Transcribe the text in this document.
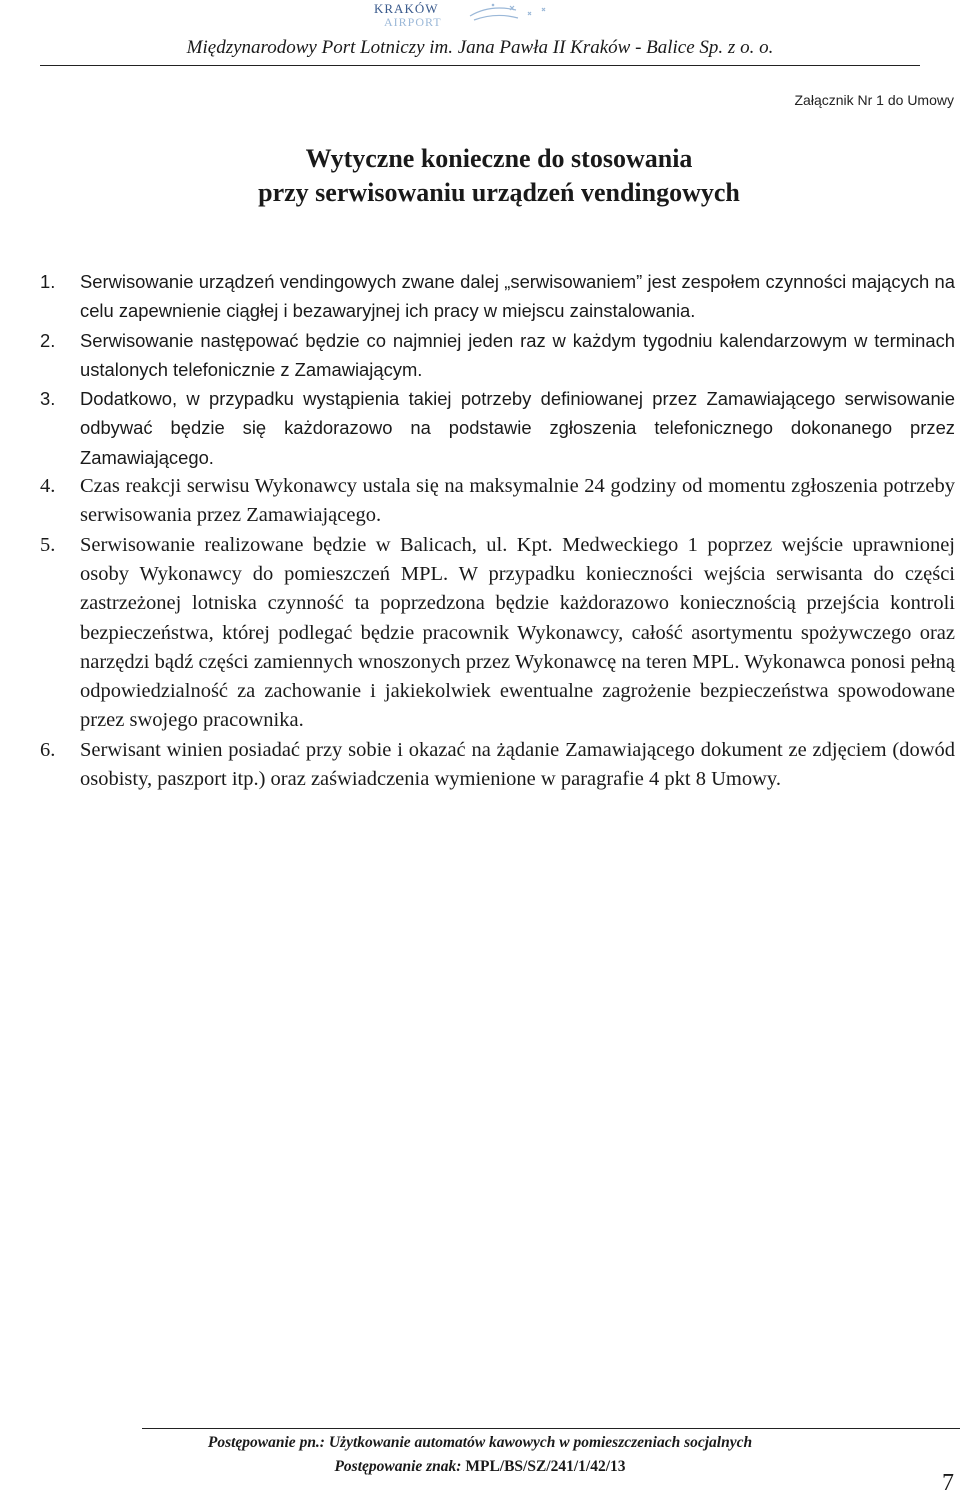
KRAKÓW
AIRPORT
Międzynarodowy Port Lotniczy im. Jana Pawła II Kraków - Balice Sp. z o. o.
Załącznik Nr 1 do Umowy
Wytyczne konieczne do stosowania
przy serwisowaniu urządzeń vendingowych
1. Serwisowanie urządzeń vendingowych zwane dalej „serwisowaniem” jest zespołem czynności mających na celu zapewnienie ciągłej i bezawaryjnej ich pracy w miejscu zainstalowania.
2. Serwisowanie następować będzie co najmniej jeden raz w każdym tygodniu kalendarzowym w terminach ustalonych telefonicznie z Zamawiającym.
3. Dodatkowo, w przypadku wystąpienia takiej potrzeby definiowanej przez Zamawiającego serwisowanie odbywać będzie się każdorazowo na podstawie zgłoszenia telefonicznego dokonanego przez Zamawiającego.
4. Czas reakcji serwisu Wykonawcy ustala się na maksymalnie 24 godziny od momentu zgłoszenia potrzeby serwisowania przez Zamawiającego.
5. Serwisowanie realizowane będzie w Balicach, ul. Kpt. Medweckiego 1 poprzez wejście uprawnionej osoby Wykonawcy do pomieszczeń MPL. W przypadku konieczności wejścia serwisanta do części zastrzeżonej lotniska czynność ta poprzedzona będzie każdorazowo koniecznością przejścia kontroli bezpieczeństwa, której podlegać będzie pracownik Wykonawcy, całość asortymentu spożywczego oraz narzędzi bądź części zamiennych wnoszonych przez Wykonawcę na teren MPL. Wykonawca ponosi pełną odpowiedzialność za zachowanie i jakiekolwiek ewentualne zagrożenie bezpieczeństwa spowodowane przez swojego pracownika.
6. Serwisant winien posiadać przy sobie i okazać na żądanie Zamawiającego dokument ze zdjęciem (dowód osobisty, paszport itp.) oraz zaświadczenia wymienione w paragrafie 4 pkt 8 Umowy.
Postępowanie pn.: Użytkowanie automatów kawowych w pomieszczeniach socjalnych
Postępowanie znak: MPL/BS/SZ/241/1/42/13
7
